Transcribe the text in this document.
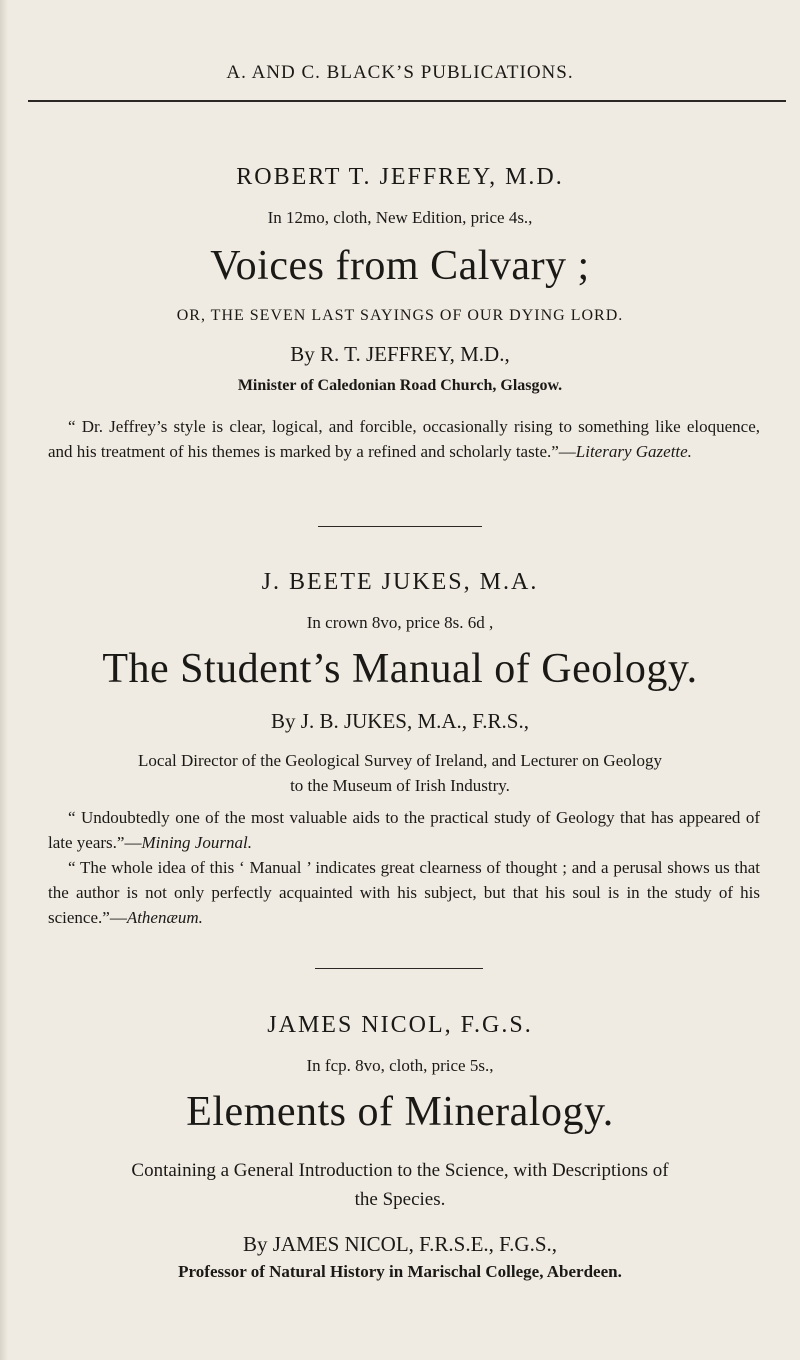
A. AND C. BLACK’S PUBLICATIONS.
ROBERT T. JEFFREY, M.D.
In 12mo, cloth, New Edition, price 4s.,
Voices from Calvary ;
OR, THE SEVEN LAST SAYINGS OF OUR DYING LORD.
By R. T. JEFFREY, M.D.,
Minister of Caledonian Road Church, Glasgow.
“ Dr. Jeffrey’s style is clear, logical, and forcible, occasionally rising to something like eloquence, and his treatment of his themes is marked by a refined and scholarly taste.”—Literary Gazette.
J. BEETE JUKES, M.A.
In crown 8vo, price 8s. 6d ,
The Student’s Manual of Geology.
By J. B. JUKES, M.A., F.R.S.,
Local Director of the Geological Survey of Ireland, and Lecturer on Geology
to the Museum of Irish Industry.
“ Undoubtedly one of the most valuable aids to the practical study of Geology that has appeared of late years.”—Mining Journal.
“ The whole idea of this ‘ Manual ’ indicates great clearness of thought ; and a perusal shows us that the author is not only perfectly acquainted with his subject, but that his soul is in the study of his science.”—Athenæum.
JAMES NICOL, F.G.S.
In fcp. 8vo, cloth, price 5s.,
Elements of Mineralogy.
Containing a General Introduction to the Science, with Descriptions of
the Species.
By JAMES NICOL, F.R.S.E., F.G.S.,
Professor of Natural History in Marischal College, Aberdeen.
